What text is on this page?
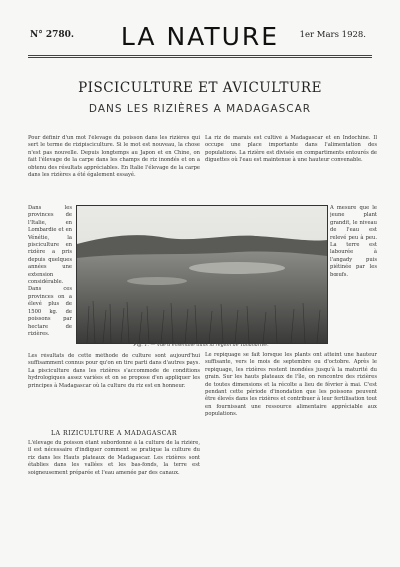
N° 2780.	LA NATURE	1er Mars 1928.
PISCICULTURE ET AVICULTURE
DANS LES RIZIÈRES A MADAGASCAR
Pour définir d'un mot l'élevage du poisson dans les rizières qui sert le terme de rizipisciculture. Si le mot est nouveau, la chose n'est pas nouvelle. Depuis longtemps au Japon et en Chine, on fait l'élevage de la carpe dans les champs de riz inondés et on a obtenu des résultats appréciables. En Italie l'élevage de la carpe dans les rizières a été également essayé.
Dans les provinces de l'Italie, en Lombardie et en Vénétie, la pisciculture en rizière a pris depuis quelques années une extension considérable. Dans ces provinces on a élevé plus de 1500 kg. de poissons par hectare de rizières.
Les résultats de cette méthode de culture sont aujourd'hui suffisamment connus pour qu'on en tire parti dans d'autres pays. La pisciculture dans les rizières s'accommode de conditions hydrologiques assez variées et on se propose d'en appliquer les principes à Madagascar où la culture du riz est en honneur.
LA RIZICULTURE A MADAGASCAR
L'élevage du poisson étant subordonné à la culture de la rizière, il est nécessaire d'indiquer comment se pratique la culture du riz dans les Hauts plateaux de Madagascar. Les rizières sont établies dans les vallées et les bas-fonds, la terre est soigneusement préparée et l'eau amenée par des canaux.
La riz de marais est cultivé à Madagascar et en Indochine. Il occupe une place importante dans l'alimentation des populations. La rizière est divisée en compartiments entourés de diguettes où l'eau est maintenue à une hauteur convenable.
A mesure que le jeune plant grandit, le niveau de l'eau est relevé peu à peu. La terre est labourée à l'angady puis piétinée par les bœufs.
Le repiquage se fait lorsque les plants ont atteint une hauteur suffisante, vers le mois de septembre ou d'octobre. Après le repiquage, les rizières restent inondées jusqu'à la maturité du grain. Sur les hauts plateaux de l'île, on rencontre des rizières de toutes dimensions et la récolte a lieu de février à mai. C'est pendant cette période d'inondation que les poissons peuvent être élevés dans les rizières et contribuer à leur fertilisation tout en fournissant une ressource alimentaire appréciable aux populations.
Fig. 1. — Vue d'ensemble dans la région de Tananarive.
